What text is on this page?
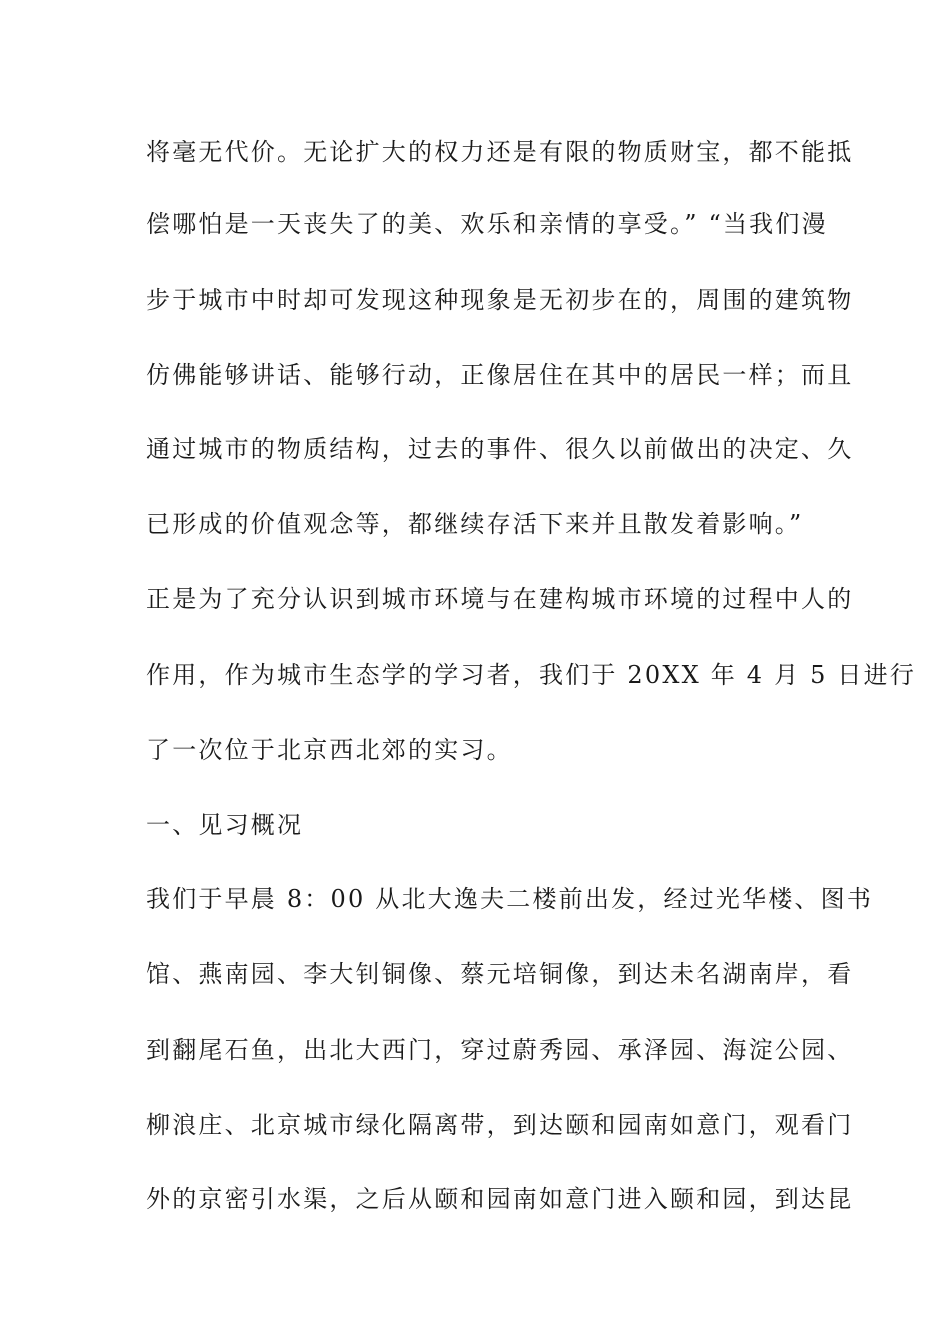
将毫无代价。无论扩大的权力还是有限的物质财宝，都不能抵
偿哪怕是一天丧失了的美、欢乐和亲情的享受。” “当我们漫
步于城市中时却可发现这种现象是无初步在的，周围的建筑物
仿佛能够讲话、能够行动，正像居住在其中的居民一样；而且
通过城市的物质结构，过去的事件、很久以前做出的决定、久
已形成的价值观念等，都继续存活下来并且散发着影响。”
正是为了充分认识到城市环境与在建构城市环境的过程中人的
作用，作为城市生态学的学习者，我们于 20XX 年 4 月 5 日进行
了一次位于北京西北郊的实习。
一、见习概况
我们于早晨 8：00 从北大逸夫二楼前出发，经过光华楼、图书
馆、燕南园、李大钊铜像、蔡元培铜像，到达未名湖南岸，看
到翻尾石鱼，出北大西门，穿过蔚秀园、承泽园、海淀公园、
柳浪庄、北京城市绿化隔离带，到达颐和园南如意门，观看门
外的京密引水渠，之后从颐和园南如意门进入颐和园，到达昆
